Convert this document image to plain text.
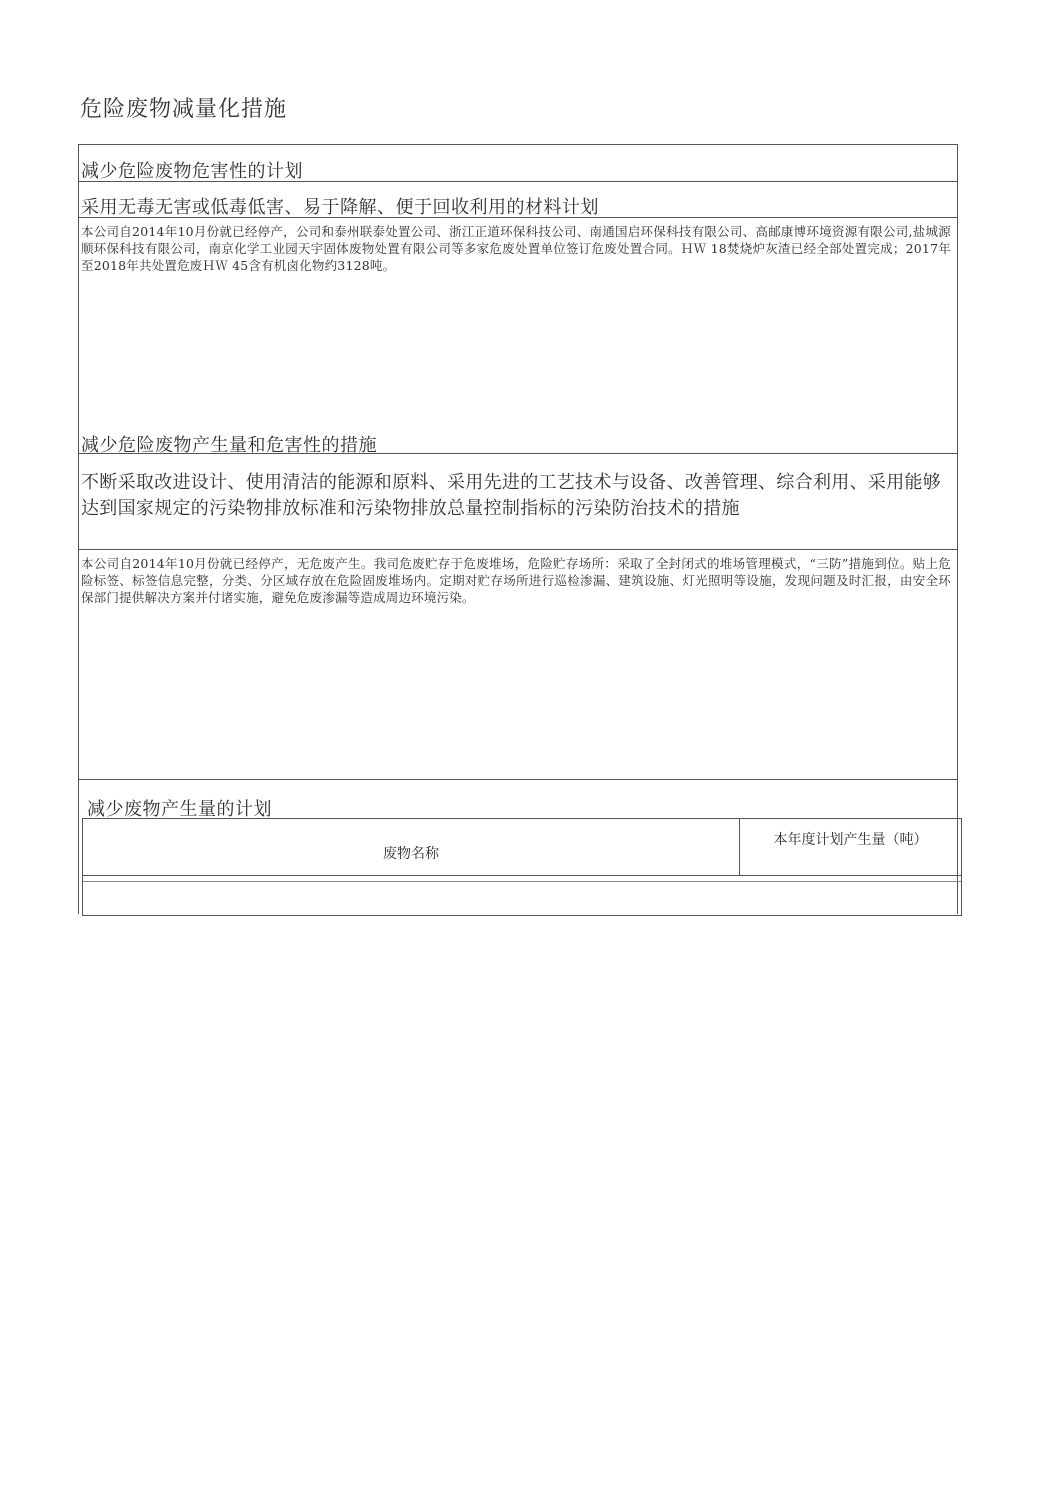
危险废物减量化措施
减少危险废物危害性的计划
采用无毒无害或低毒低害、易于降解、便于回收利用的材料计划
本公司自2014年10月份就已经停产，公司和泰州联泰处置公司、浙江正道环保科技公司、南通国启环保科技有限公司、高邮康博环境资源有限公司,盐城源顺环保科技有限公司，南京化学工业园天宇固体废物处置有限公司等多家危废处置单位签订危废处置合同。ＨＷ 18焚烧炉灰渣已经全部处置完成；2017年至2018年共处置危废ＨＷ 45含有机卤化物约3128吨。
减少危险废物产生量和危害性的措施
不断采取改进设计、使用清洁的能源和原料、采用先进的工艺技术与设备、改善管理、综合利用、采用能够达到国家规定的污染物排放标准和污染物排放总量控制指标的污染防治技术的措施
本公司自2014年10月份就已经停产，无危废产生。我司危废贮存于危废堆场，危险贮存场所：采取了全封闭式的堆场管理模式，“三防”措施到位。贴上危险标签、标签信息完整，分类、分区域存放在危险固废堆场内。定期对贮存场所进行巡检渗漏、建筑设施、灯光照明等设施，发现问题及时汇报，由安全环保部门提供解决方案并付诸实施，避免危废渗漏等造成周边环境污染。
减少废物产生量的计划
废物名称
本年度计划产生量（吨）
